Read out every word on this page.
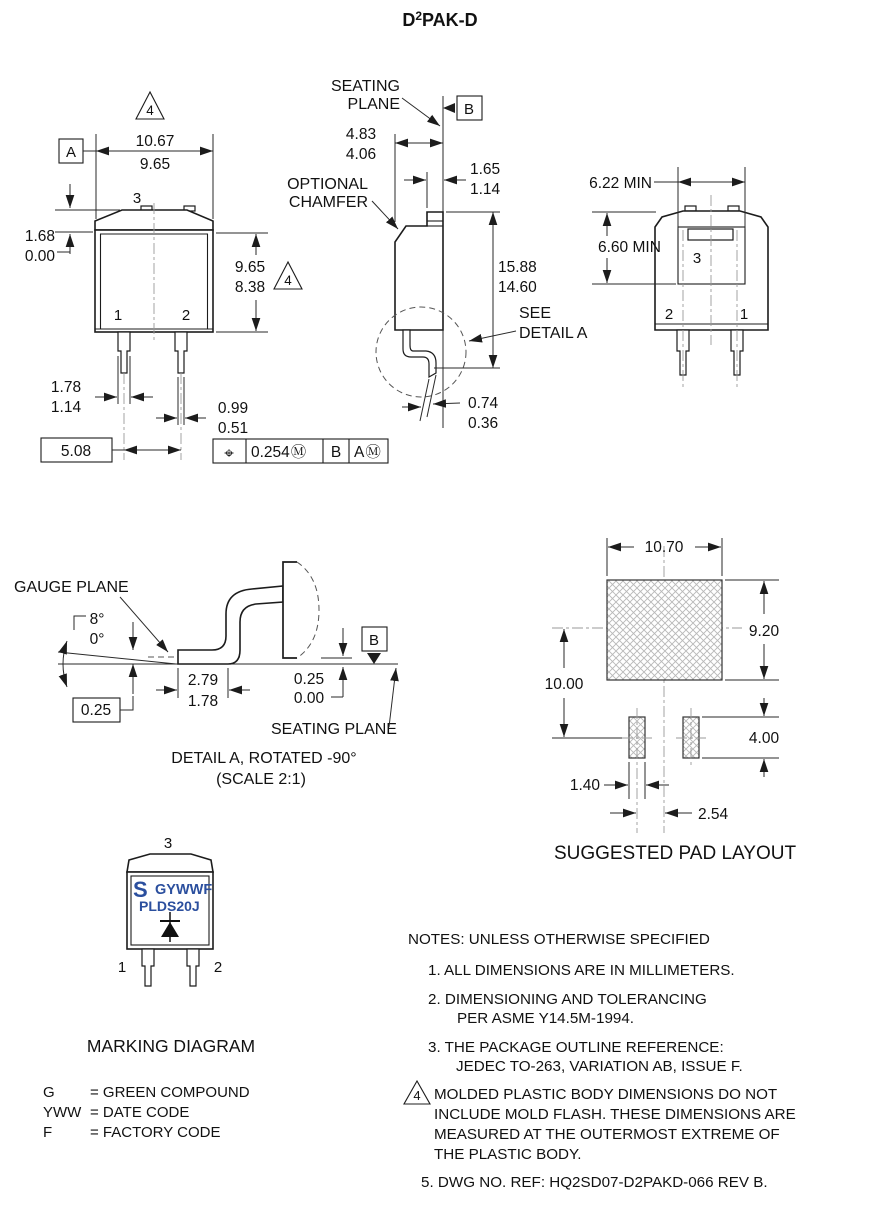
$D^2PAK-D$
10.67
9.65
A
4
3
1.68
0.00
9.65
8.38 4
1	2
1.78
1.14	0.99
0.51
5.08	⌖ 0.254Ⓜ B AⓂ
B
SEATING
PLANE
4.83
4.06
OPTIONAL
CHAMFER
1.65
1.14
SEE
DETAIL A
15.88
14.60
0.74
0.36
3
2	1
6.22 MIN
6.60 MIN
8°
0°
0.25
GAUGE PLANE
2.79
1.78
0.25
0.00
B
SEATING PLANE
DETAIL A, ROTATED -90°
(SCALE 2:1)
10.70
9.20
10.00
4.00
1.40
2.54
SUGGESTED PAD LAYOUT
3
S GYWWF
PLDS20J
1	2
MARKING DIAGRAM
G = GREEN COMPOUND
YWW = DATE CODE
F	= FACTORY CODE
NOTES: UNLESS OTHERWISE SPECIFIED
1. ALL DIMENSIONS ARE IN MILLIMETERS.
2. DIMENSIONING AND TOLERANCING
PER ASME Y14.5M-1994.
3. THE PACKAGE OUTLINE REFERENCE:
JEDEC TO-263, VARIATION AB, ISSUE F.
4 MOLDED PLASTIC BODY DIMENSIONS DO NOT
INCLUDE MOLD FLASH. THESE DIMENSIONS ARE
MEASURED AT THE OUTERMOST EXTREME OF
THE PLASTIC BODY.
5. DWG NO. REF: HQ2SD07-D2PAKD-066 REV B.
